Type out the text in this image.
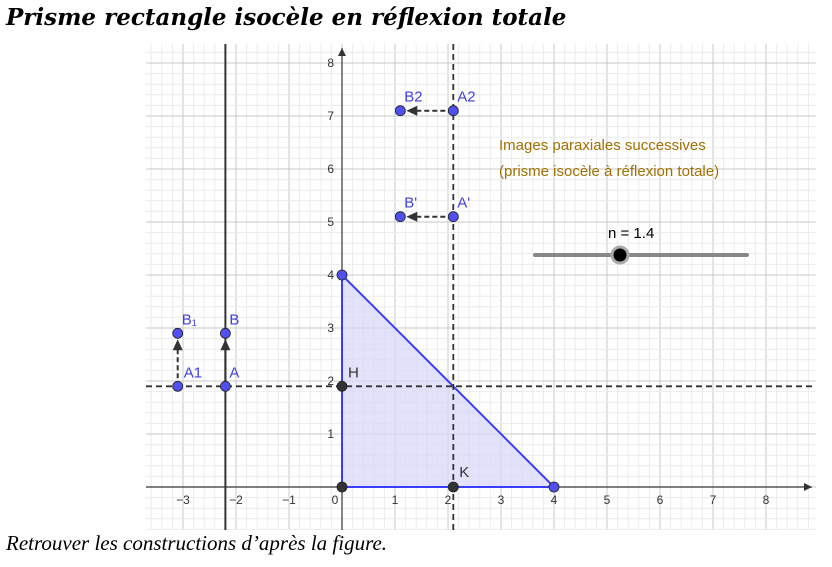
Prisme rectangle isocèle en réflexion totale
A1 A
B
B₁
H
K
A'
B'
A2
B2
−3	−2	−1	0	1	2	3	4	5	6	7	8
1
2
3
4
5
6
7
8
Images paraxiales successives
(prisme isocèle à réflexion totale)
n = 1.4
Retrouver les constructions d’après la figure.
